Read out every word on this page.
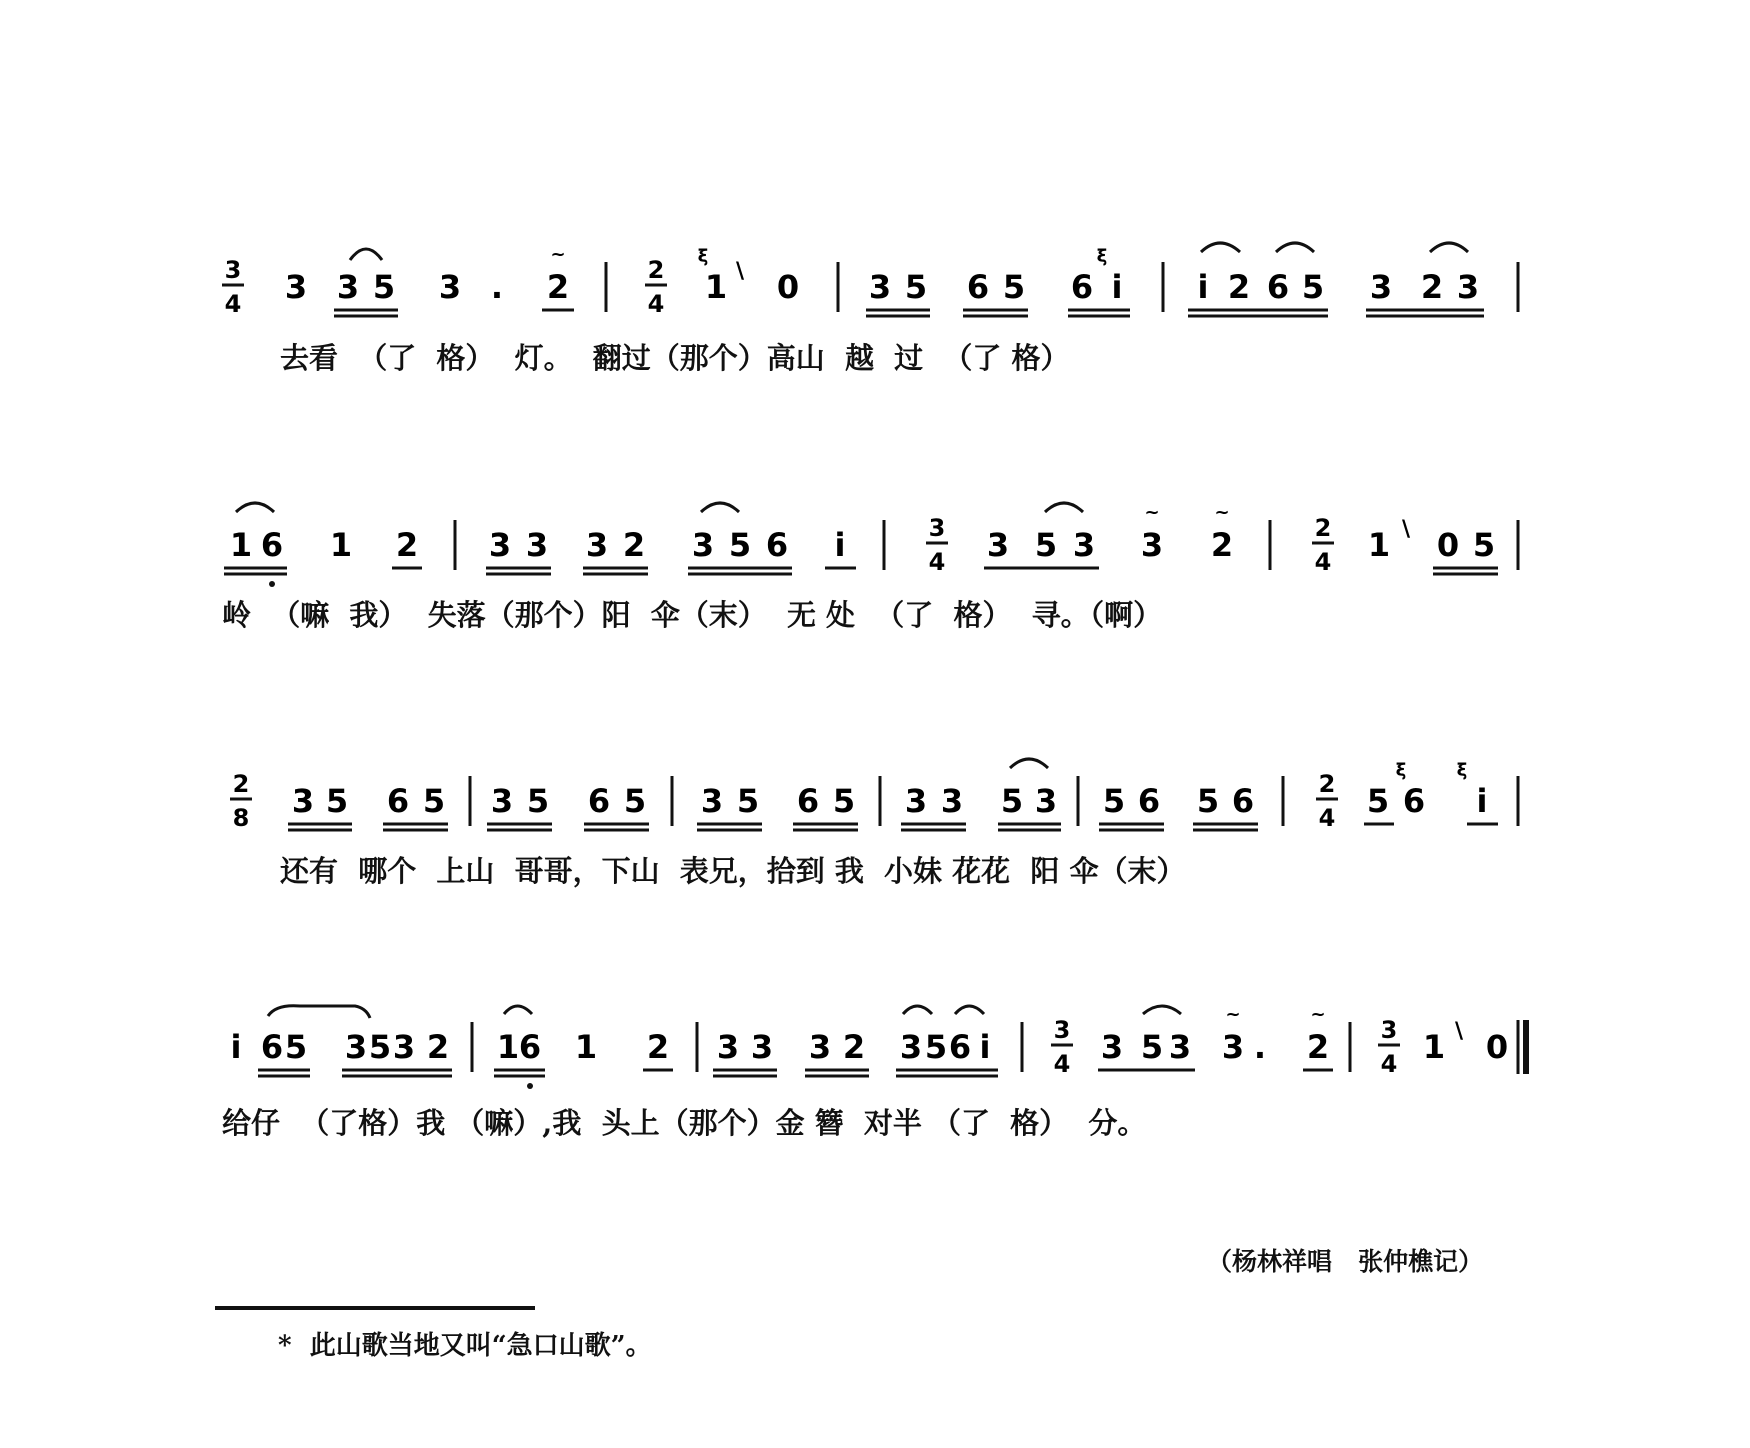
3
4 3 3 5 3 . 2
~
2
4
ξ
1 \ 0 3 5 6 5 6
ξ
i i 2 6 5 3 2 3
去看  （了  格）  灯。  翻过（那个）高山  越  过  （了 格）
1 6 1 2 3 3 3 2 3 5 6 i	3
4 3 5 3 3
~
2
~
2
4 1 \ 0 5
岭  （嘛  我）  失落（那个）阳  伞（末）  无 处  （了  格）  寻。（啊）
2
8 3 5 6 5 3 5 6 5 3 5 6 5 3 3 5 3 5 6 5 6	2
4 5
ξ
6
ξ
i
还有  哪个  上山  哥哥，下山  表兄，拾到 我  小妹 花花  阳 伞（末）
i 6 5 3 5 3 2 1 6 1 2 3 3 3 2 3 5 6 i	3
4 3 5 3 3
~
. 2
~
3
4 1 \ 0
给仔  （了格）我 （嘛）,我  头上（那个）金 簪  对半 （了  格）  分。
（杨林祥唱   张仲樵记）
*  此山歌当地又叫“急口山歌”。
